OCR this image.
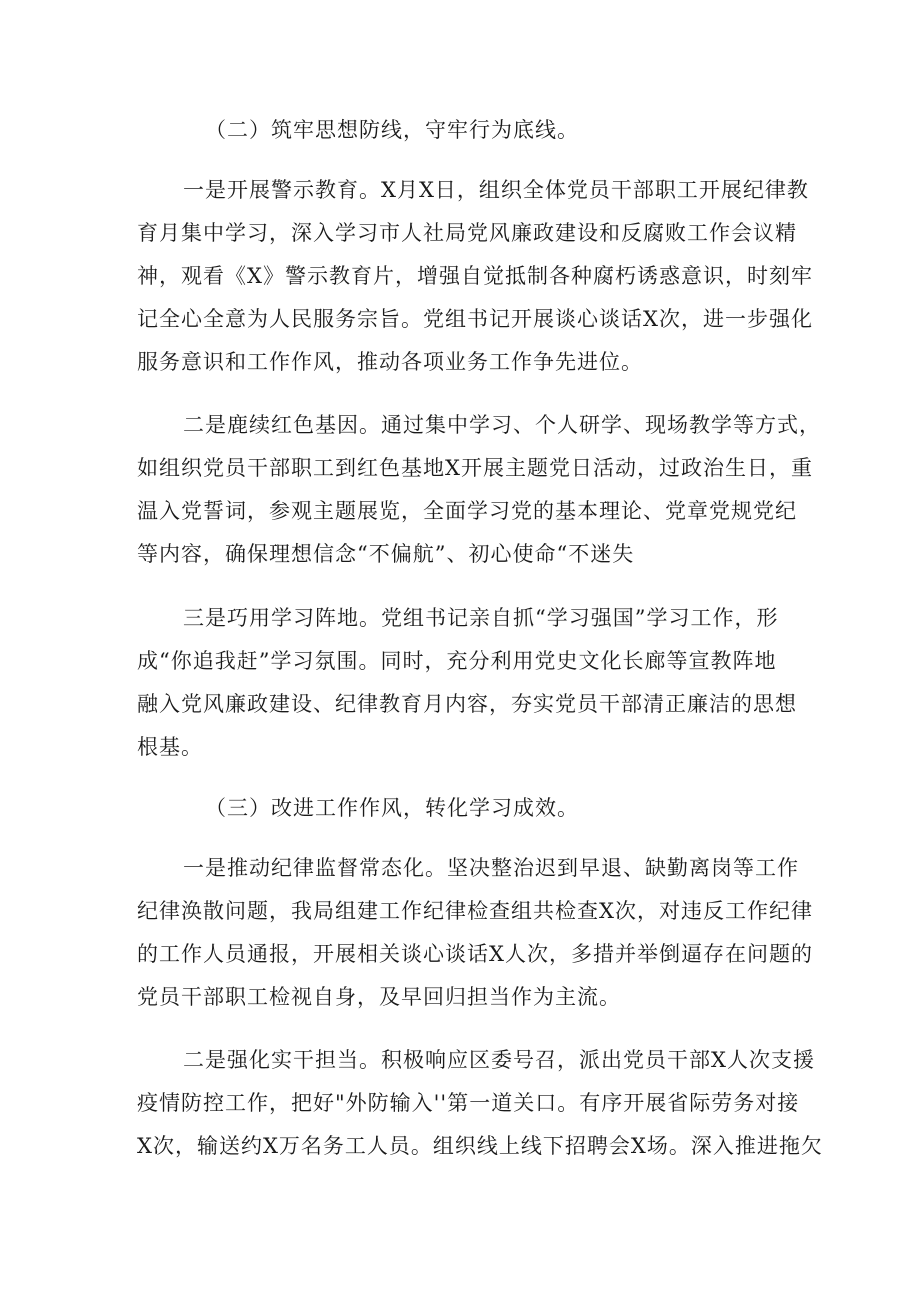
（二）筑牢思想防线，守牢行为底线。
一是开展警示教育。X月X日，组织全体党员干部职工开展纪律教
育月集中学习，深入学习市人社局党风廉政建设和反腐败工作会议精
神，观看《X》警示教育片，增强自觉抵制各种腐朽诱惑意识，时刻牢
记全心全意为人民服务宗旨。党组书记开展谈心谈话X次，进一步强化
服务意识和工作作风，推动各项业务工作争先进位。
二是鹿续红色基因。通过集中学习、个人研学、现场教学等方式，
如组织党员干部职工到红色基地X开展主题党日活动，过政治生日，重
温入党誓词，参观主题展览，全面学习党的基本理论、党章党规党纪
等内容，确保理想信念“不偏航”、初心使命“不迷失
三是巧用学习阵地。党组书记亲自抓“学习强国”学习工作，形
成“你追我赶”学习氛围。同时，充分利用党史文化长廊等宣教阵地
融入党风廉政建设、纪律教育月内容，夯实党员干部清正廉洁的思想
根基。
（三）改进工作作风，转化学习成效。
一是推动纪律监督常态化。坚决整治迟到早退、缺勤离岗等工作
纪律涣散问题，我局组建工作纪律检查组共检查X次，对违反工作纪律
的工作人员通报，开展相关谈心谈话X人次，多措并举倒逼存在问题的
党员干部职工检视自身，及早回归担当作为主流。
二是强化实干担当。积极响应区委号召，派出党员干部X人次支援
疫情防控工作，把好"外防输入''第一道关口。有序开展省际劳务对接
X次，输送约X万名务工人员。组织线上线下招聘会X场。深入推进拖欠
